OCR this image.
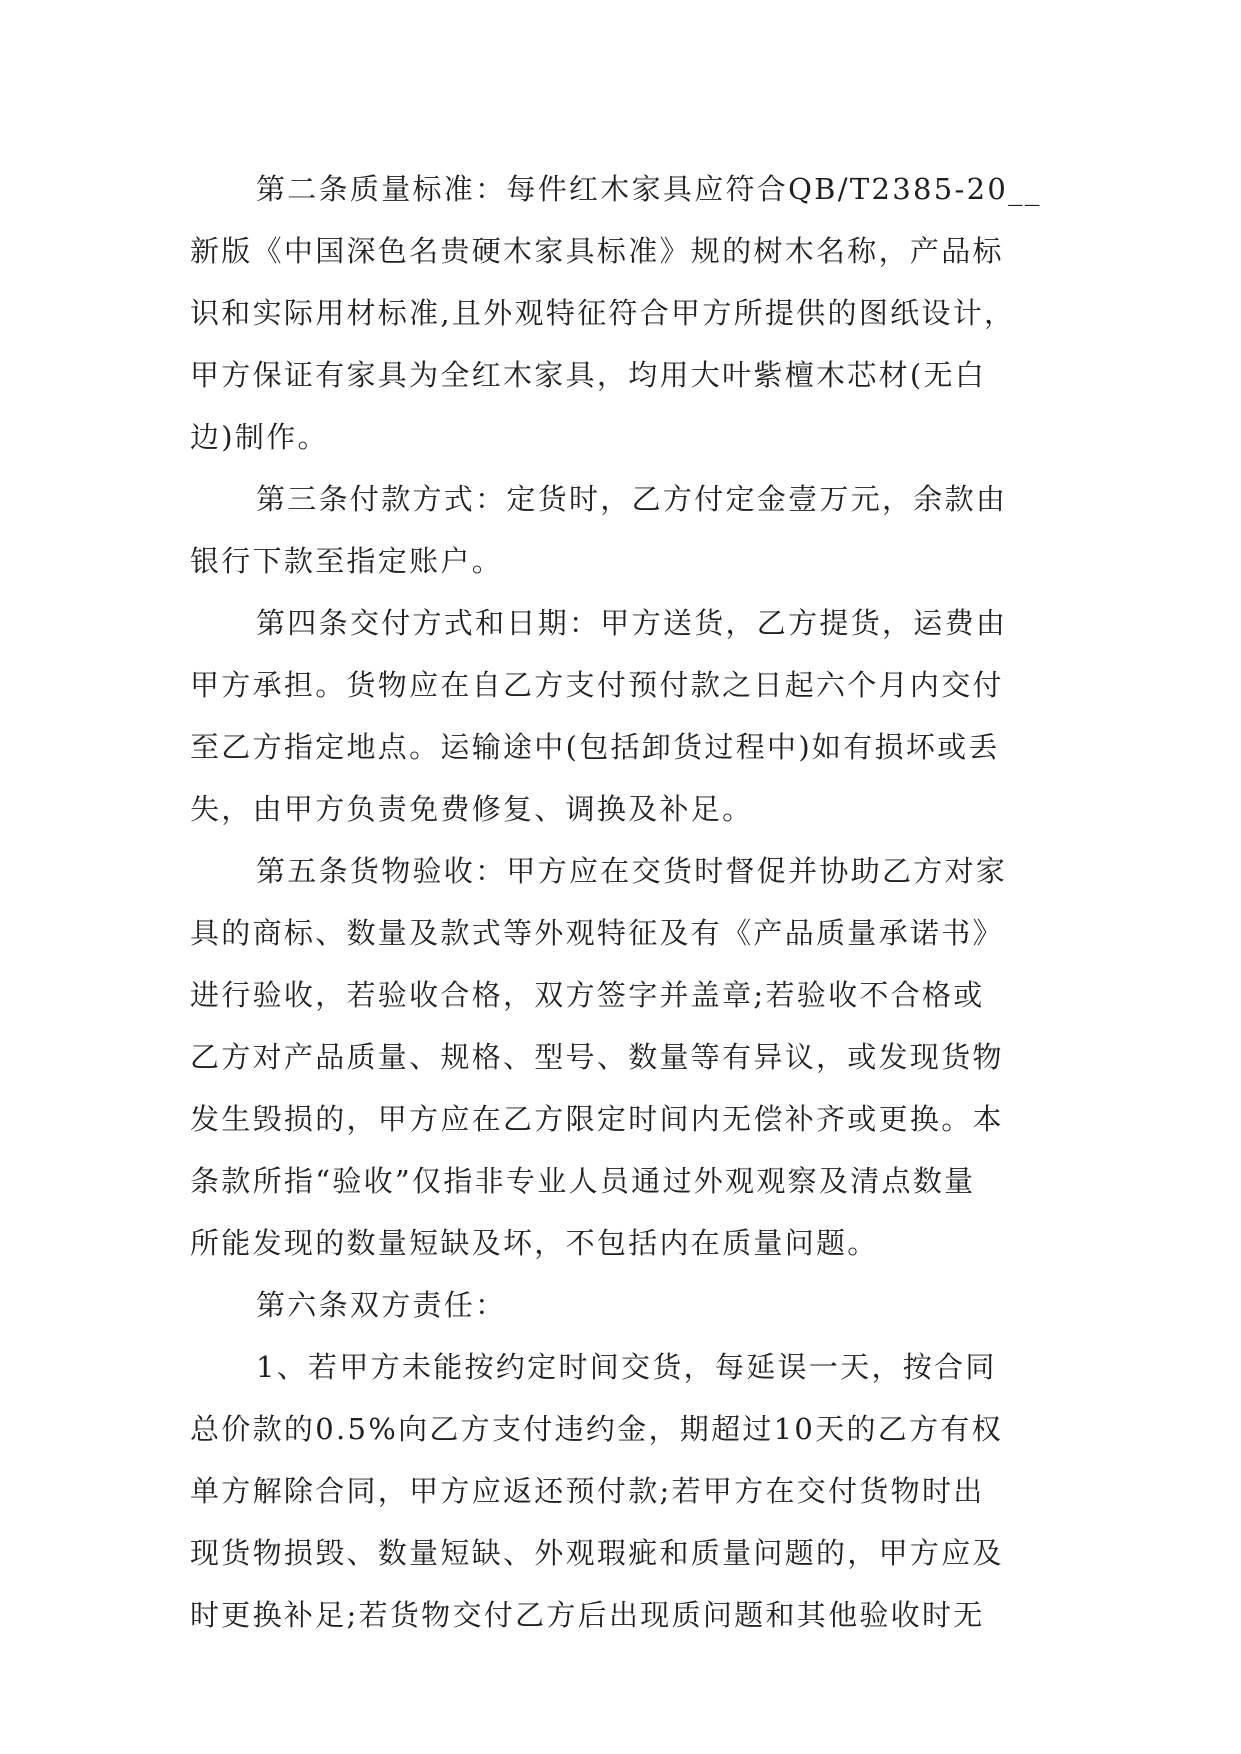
第二条质量标准：每件红木家具应符合QB/T2385-20__
新版《中国深色名贵硬木家具标准》规的树木名称，产品标
识和实际用材标准,且外观特征符合甲方所提供的图纸设计，
甲方保证有家具为全红木家具，均用大叶紫檀木芯材(无白
边)制作。
第三条付款方式：定货时，乙方付定金壹万元，余款由
银行下款至指定账户。
第四条交付方式和日期：甲方送货，乙方提货，运费由
甲方承担。货物应在自乙方支付预付款之日起六个月内交付
至乙方指定地点。运输途中(包括卸货过程中)如有损坏或丢
失，由甲方负责免费修复、调换及补足。
第五条货物验收：甲方应在交货时督促并协助乙方对家
具的商标、数量及款式等外观特征及有《产品质量承诺书》
进行验收，若验收合格，双方签字并盖章;若验收不合格或
乙方对产品质量、规格、型号、数量等有异议，或发现货物
发生毁损的，甲方应在乙方限定时间内无偿补齐或更换。本
条款所指“验收”仅指非专业人员通过外观观察及清点数量
所能发现的数量短缺及坏，不包括内在质量问题。
第六条双方责任：
1、若甲方未能按约定时间交货，每延误一天，按合同
总价款的0.5%向乙方支付违约金，期超过10天的乙方有权
单方解除合同，甲方应返还预付款;若甲方在交付货物时出
现货物损毁、数量短缺、外观瑕疵和质量问题的，甲方应及
时更换补足;若货物交付乙方后出现质问题和其他验收时无
